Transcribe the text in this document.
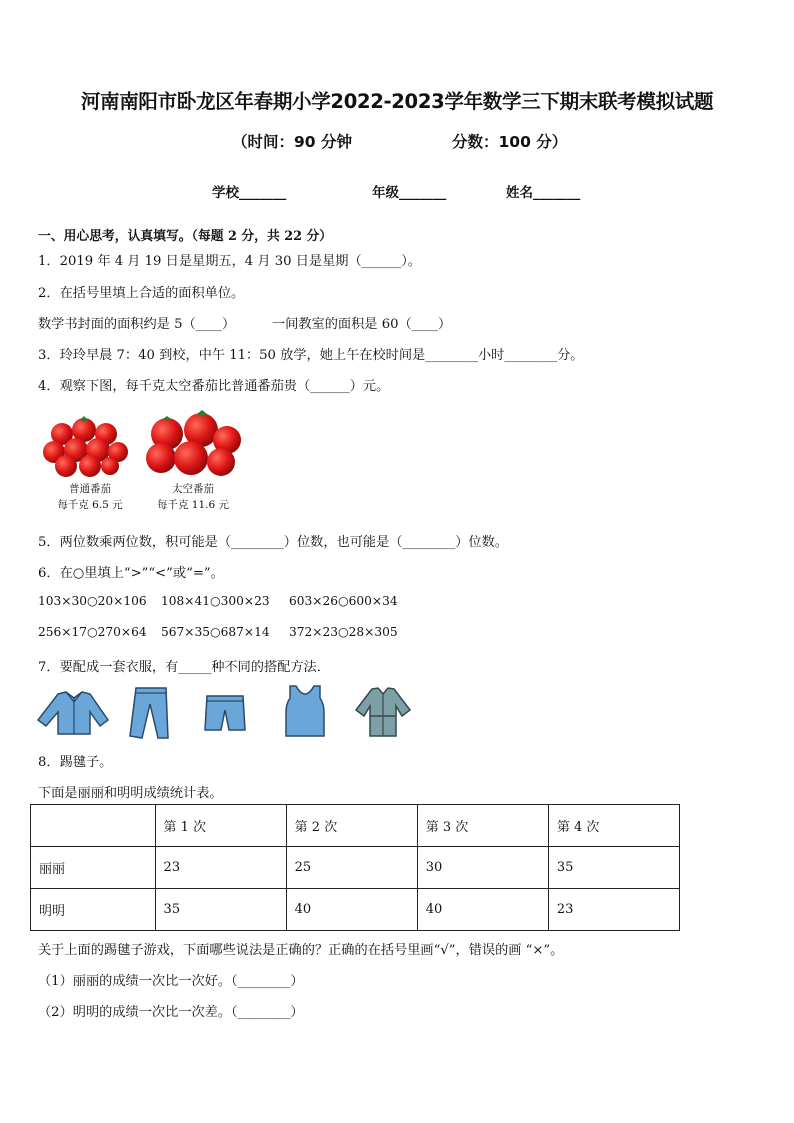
河南南阳市卧龙区年春期小学2022-2023学年数学三下期末联考模拟试题
（时间：90 分钟	分数：100 分）
学校_______	年级_______	姓名_______
一、用心思考，认真填写。（每题 2 分，共 22 分）
1．2019 年 4 月 19 日是星期五，4 月 30 日是星期（______）。
2．在括号里填上合适的面积单位。
数学书封面的面积约是 5（____）	一间教室的面积是 60（____）
3．玲玲早晨 7：40 到校，中午 11：50 放学，她上午在校时间是________小时________分。
4．观察下图，每千克太空番茄比普通番茄贵（______）元。
普通番茄
每千克 6.5 元
太空番茄
每千克 11.6 元
5．两位数乘两位数，积可能是（________）位数，也可能是（________）位数。
6．在○里填上“>”“<”或“=”。
103×30○20×106 108×41○300×23 603×26○600×34
256×17○270×64 567×35○687×14 372×23○28×305
7．要配成一套衣服，有_____种不同的搭配方法．
8．踢毽子。
下面是丽丽和明明成绩统计表。
	第 1 次	第 2 次	第 3 次	第 4 次
丽丽	23	25	30	35
明明	35	40	40	23
关于上面的踢毽子游戏，下面哪些说法是正确的？正确的在括号里画“√”，错误的画 “×”。
（1）丽丽的成绩一次比一次好。（________）
（2）明明的成绩一次比一次差。（________）
